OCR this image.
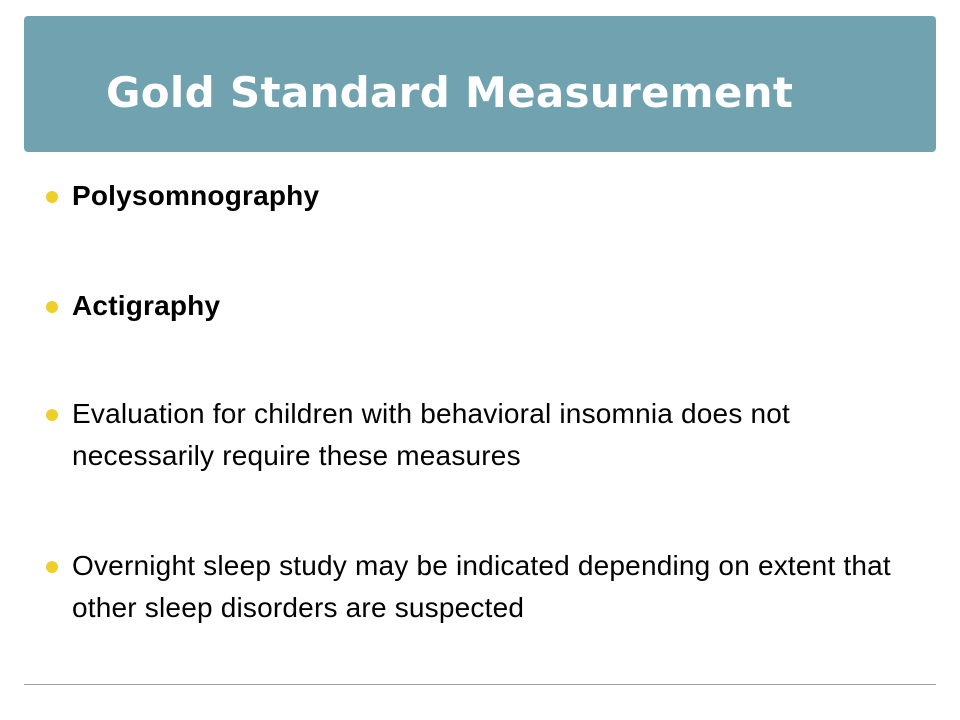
Gold Standard Measurement
Polysomnography
Actigraphy
Evaluation for children with behavioral insomnia does not necessarily require these measures
Overnight sleep study may be indicated depending on extent that other sleep disorders are suspected
